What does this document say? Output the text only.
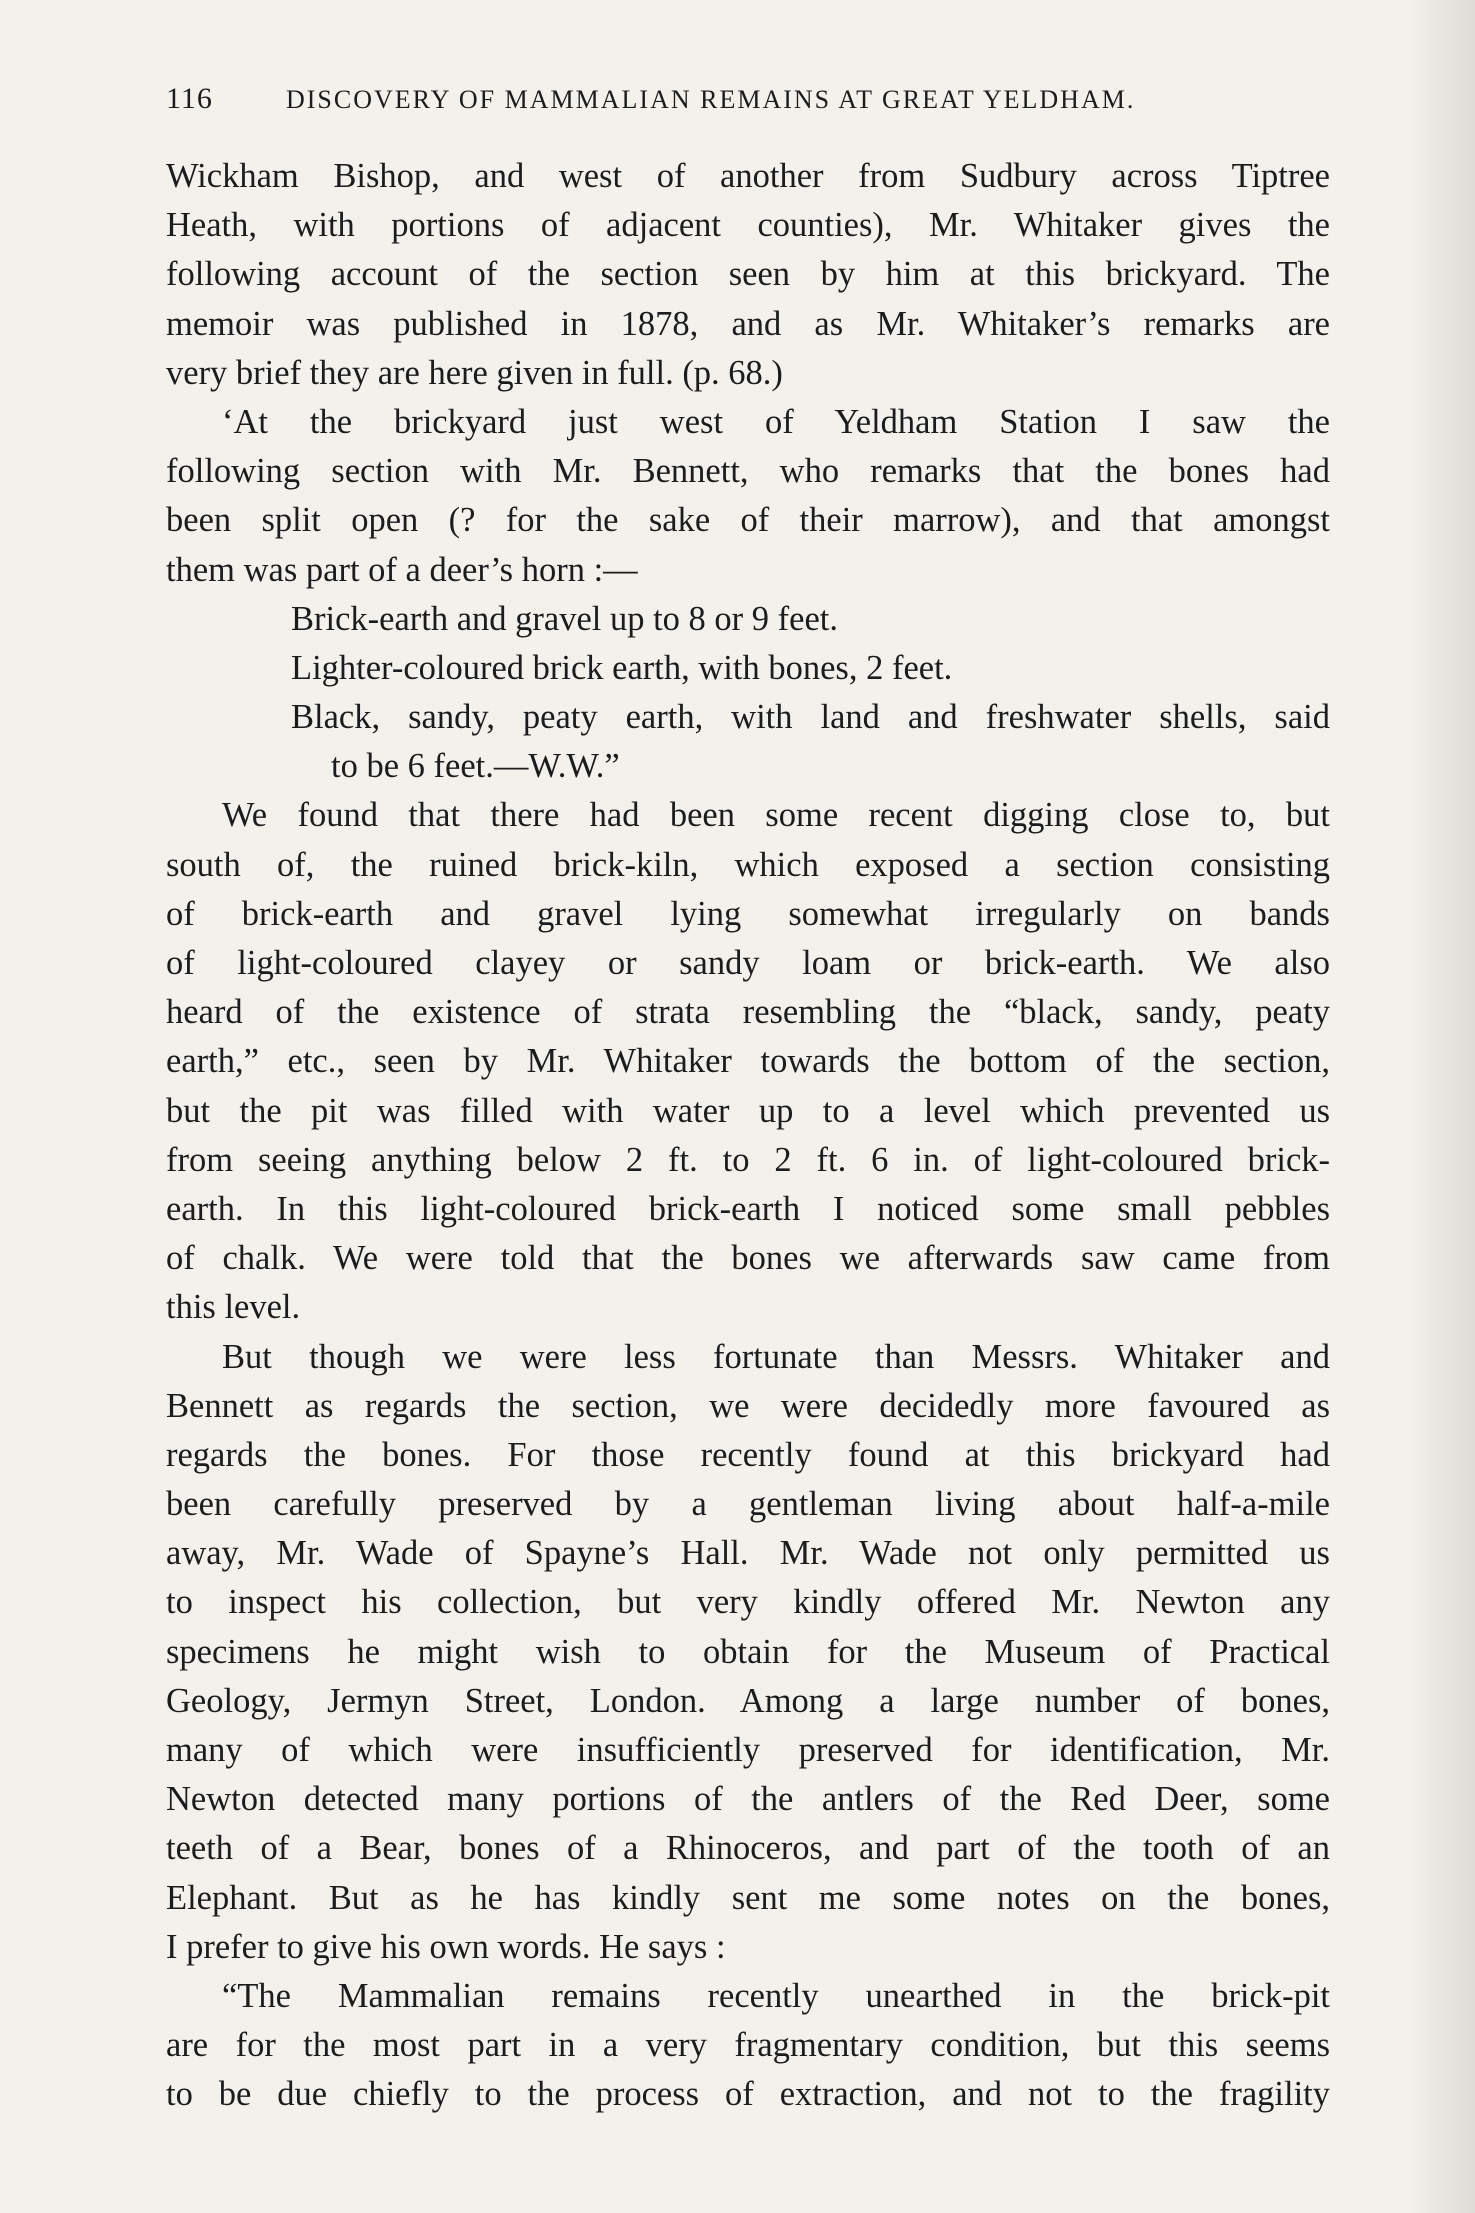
116	DISCOVERY OF MAMMALIAN REMAINS AT GREAT YELDHAM.
Wickham Bishop, and west of another from Sudbury across Tiptree
Heath, with portions of adjacent counties), Mr. Whitaker gives the
following account of the section seen by him at this brickyard. The
memoir was published in 1878, and as Mr. Whitaker’s remarks are
very brief they are here given in full. (p. 68.)
‘At the brickyard just west of Yeldham Station I saw the
following section with Mr. Bennett, who remarks that the bones had
been split open (? for the sake of their marrow), and that amongst
them was part of a deer’s horn :—
Brick-earth and gravel up to 8 or 9 feet.
Lighter-coloured brick earth, with bones, 2 feet.
Black, sandy, peaty earth, with land and freshwater shells, said
to be 6 feet.—W.W.”
We found that there had been some recent digging close to, but
south of, the ruined brick-kiln, which exposed a section consisting
of brick-earth and gravel lying somewhat irregularly on bands
of light-coloured clayey or sandy loam or brick-earth. We also
heard of the existence of strata resembling the “black, sandy, peaty
earth,” etc., seen by Mr. Whitaker towards the bottom of the section,
but the pit was filled with water up to a level which prevented us
from seeing anything below 2 ft. to 2 ft. 6 in. of light-coloured brick-
earth. In this light-coloured brick-earth I noticed some small pebbles
of chalk. We were told that the bones we afterwards saw came from
this level.
But though we were less fortunate than Messrs. Whitaker and
Bennett as regards the section, we were decidedly more favoured as
regards the bones. For those recently found at this brickyard had
been carefully preserved by a gentleman living about half-a-mile
away, Mr. Wade of Spayne’s Hall. Mr. Wade not only permitted us
to inspect his collection, but very kindly offered Mr. Newton any
specimens he might wish to obtain for the Museum of Practical
Geology, Jermyn Street, London. Among a large number of bones,
many of which were insufficiently preserved for identification, Mr.
Newton detected many portions of the antlers of the Red Deer, some
teeth of a Bear, bones of a Rhinoceros, and part of the tooth of an
Elephant. But as he has kindly sent me some notes on the bones,
I prefer to give his own words. He says :
“The Mammalian remains recently unearthed in the brick-pit
are for the most part in a very fragmentary condition, but this seems
to be due chiefly to the process of extraction, and not to the fragility
